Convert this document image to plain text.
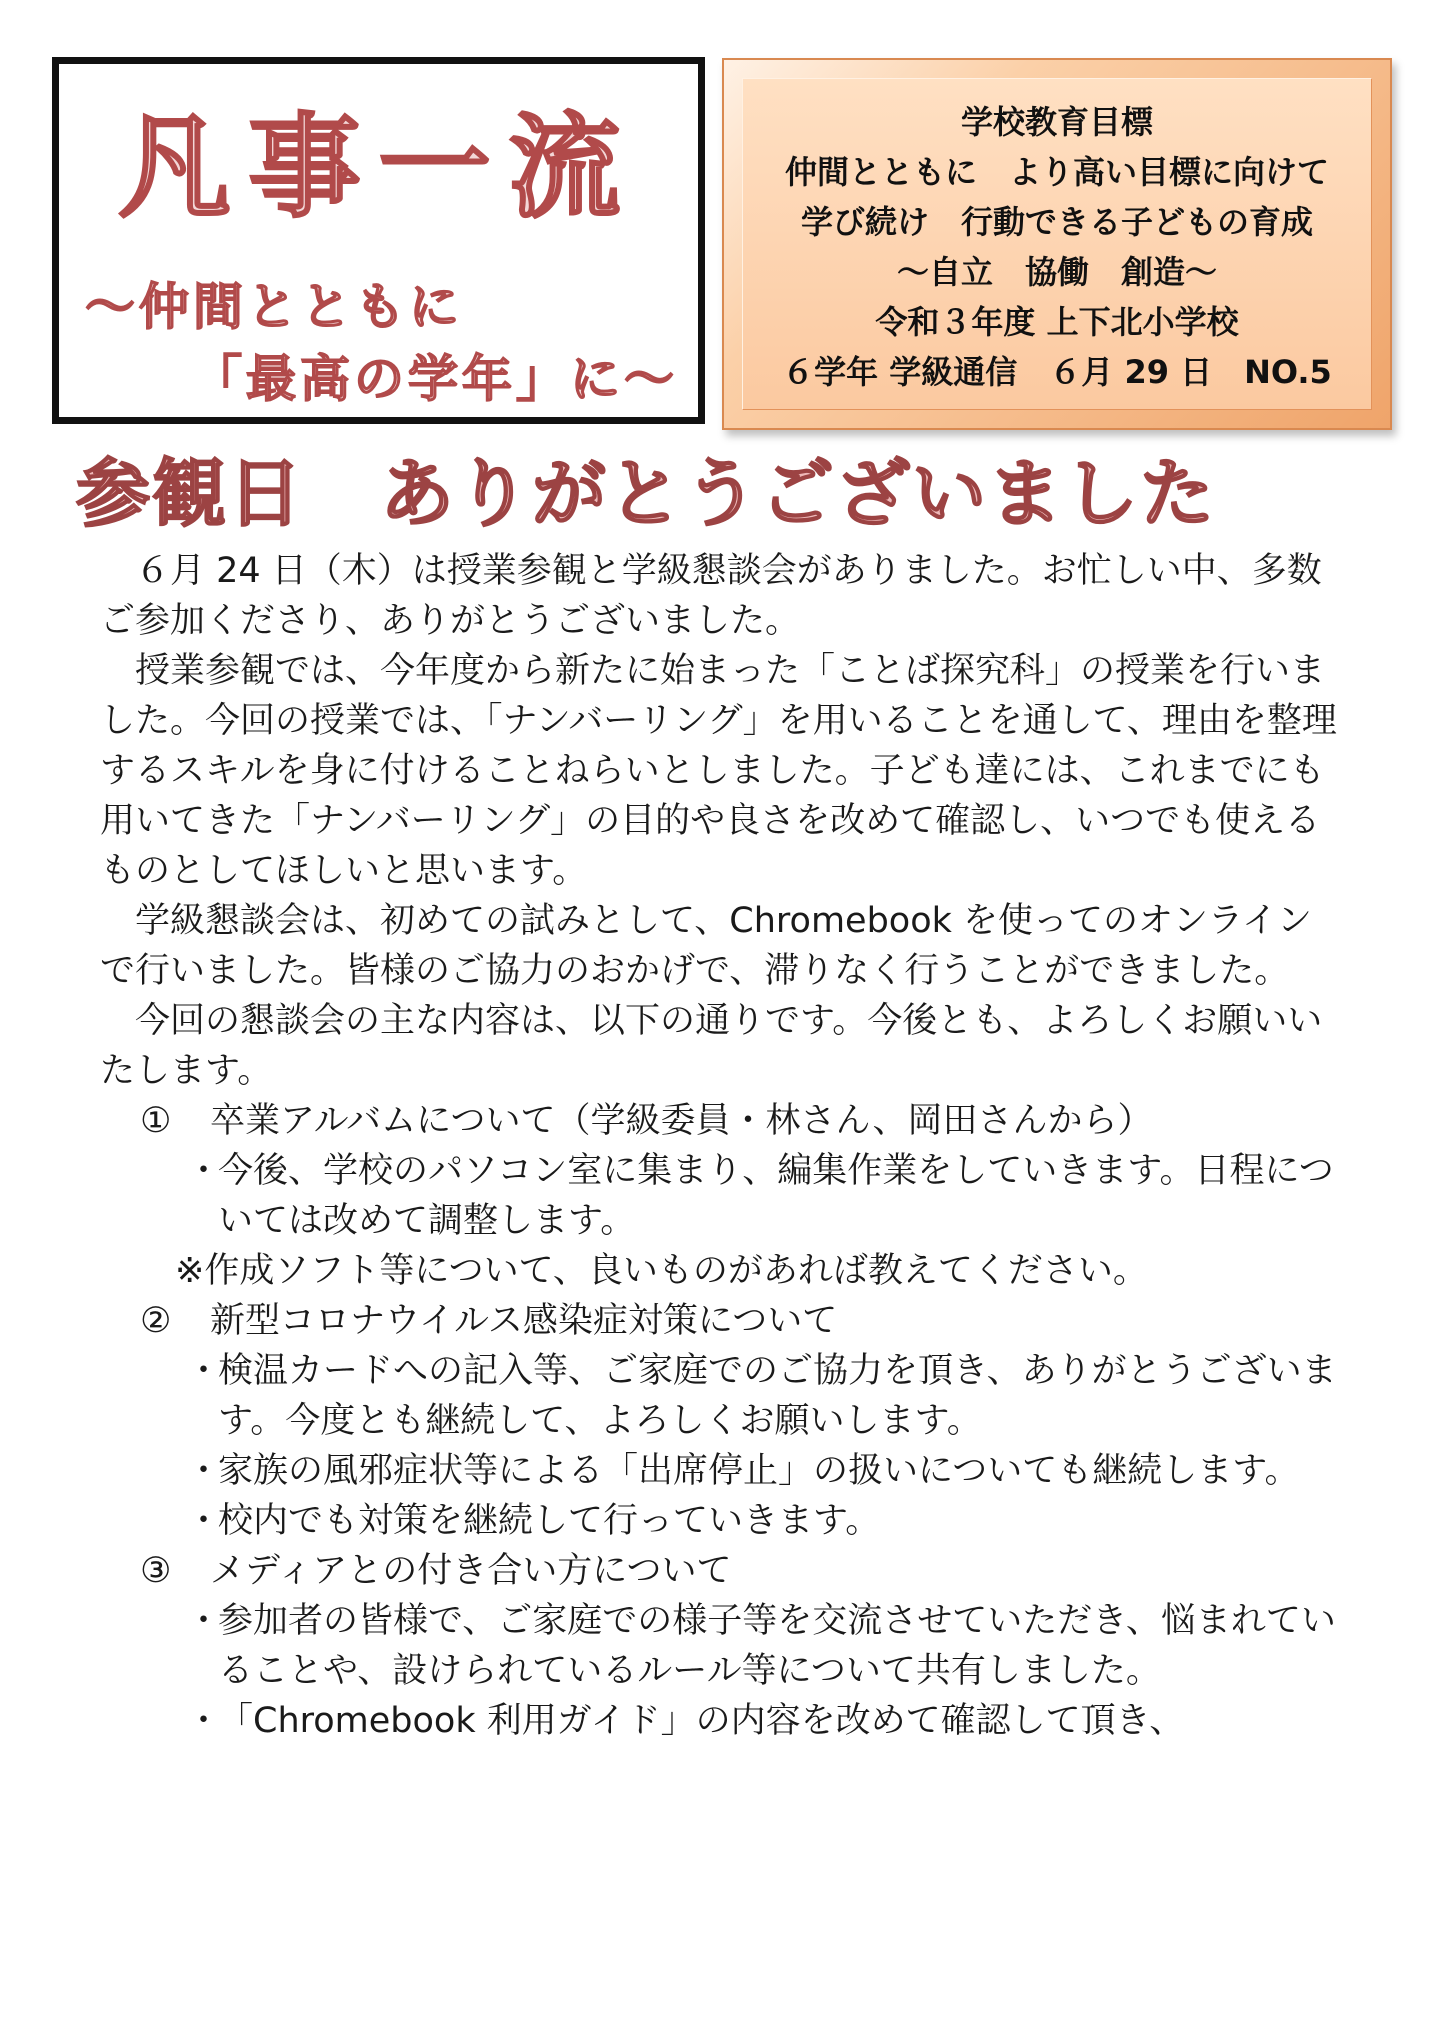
凡事一流
～仲間とともに
「最高の学年」に～
学校教育目標
仲間とともに　より高い目標に向けて
学び続け　行動できる子どもの育成
～自立　協働　創造～
令和３年度 上下北小学校
６学年 学級通信　６月 29 日　NO.5
参観日　ありがとうございました

６月 24 日（木）は授業参観と学級懇談会がありました。お忙しい中、多数ご参加くださり、ありがとうございました。

授業参観では、今年度から新たに始まった「ことば探究科」の授業を行いました。今回の授業では、「ナンバーリング」を用いることを通して、理由を整理するスキルを身に付けることねらいとしました。子ども達には、これまでにも用いてきた「ナンバーリング」の目的や良さを改めて確認し、いつでも使えるものとしてほしいと思います。

学級懇談会は、初めての試みとして、Chromebook を使ってのオンラインで行いました。皆様のご協力のおかげで、滞りなく行うことができました。

今回の懇談会の主な内容は、以下の通りです。今後とも、よろしくお願いいたします。

①	卒業アルバムについて（学級委員・林さん、岡田さんから）
・
今後、学校のパソコン室に集まり、編集作業をしていきます。日程については改めて調整します。
※作成ソフト等について、良いものがあれば教えてください。
②	新型コロナウイルス感染症対策について
・
検温カードへの記入等、ご家庭でのご協力を頂き、ありがとうございます。今度とも継続して、よろしくお願いします。
・
家族の風邪症状等による「出席停止」の扱いについても継続します。
・
校内でも対策を継続して行っていきます。
③	メディアとの付き合い方について
・
参加者の皆様で、ご家庭での様子等を交流させていただき、悩まれていることや、設けられているルール等について共有しました。
・
「Chromebook 利用ガイド」の内容を改めて確認して頂き、
